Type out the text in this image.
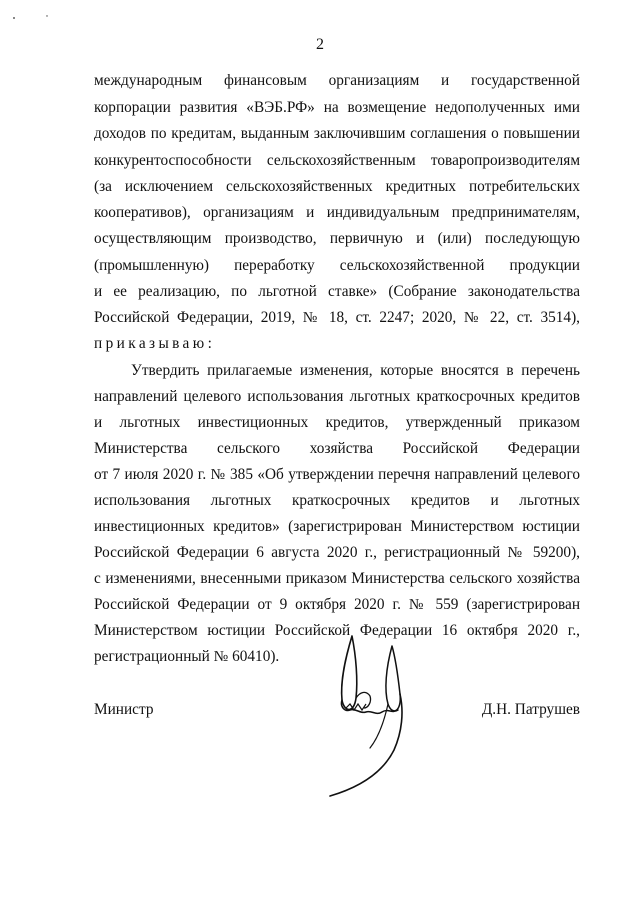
2
международным финансовым организациям и государственной
корпорации развития «ВЭБ.РФ» на возмещение недополученных ими
доходов по кредитам, выданным заключившим соглашения о повышении
конкурентоспособности сельскохозяйственным товаропроизводителям
(за исключением сельскохозяйственных кредитных потребительских
кооперативов), организациям и индивидуальным предпринимателям,
осуществляющим производство, первичную и (или) последующую
(промышленную) переработку сельскохозяйственной продукции
и ее реализацию, по льготной ставке» (Собрание законодательства
Российской Федерации, 2019, № 18, ст. 2247; 2020, № 22, ст. 3514),
приказываю:
Утвердить прилагаемые изменения, которые вносятся в перечень
направлений целевого использования льготных краткосрочных кредитов
и льготных инвестиционных кредитов, утвержденный приказом
Министерства сельского хозяйства Российской Федерации
от 7 июля 2020 г. № 385 «Об утверждении перечня направлений целевого
использования льготных краткосрочных кредитов и льготных
инвестиционных кредитов» (зарегистрирован Министерством юстиции
Российской Федерации 6 августа 2020 г., регистрационный № 59200),
с изменениями, внесенными приказом Министерства сельского хозяйства
Российской Федерации от 9 октября 2020 г. № 559 (зарегистрирован
Министерством юстиции Российской Федерации 16 октября 2020 г.,
регистрационный № 60410).
Министр	Д.Н. Патрушев
